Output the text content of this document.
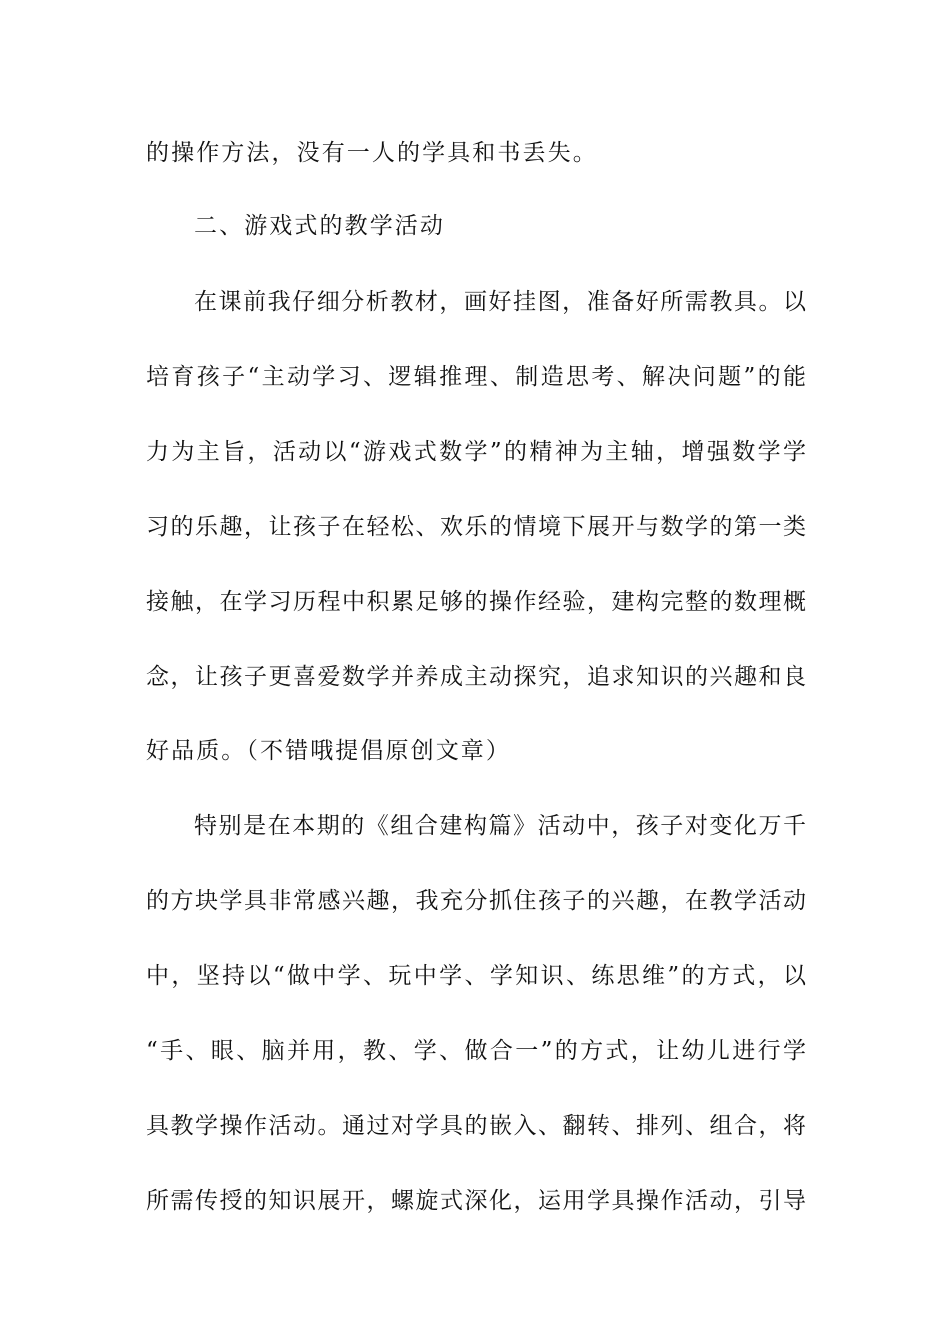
的操作方法，没有一人的学具和书丢失。
二、游戏式的教学活动
在课前我仔细分析教材，画好挂图，准备好所需教具。以
培育孩子“主动学习、逻辑推理、制造思考、解决问题”的能
力为主旨，活动以“游戏式数学”的精神为主轴，增强数学学
习的乐趣，让孩子在轻松、欢乐的情境下展开与数学的第一类
接触，在学习历程中积累足够的操作经验，建构完整的数理概
念，让孩子更喜爱数学并养成主动探究，追求知识的兴趣和良
好品质。（不错哦提倡原创文章）
特别是在本期的《组合建构篇》活动中，孩子对变化万千
的方块学具非常感兴趣，我充分抓住孩子的兴趣，在教学活动
中，坚持以“做中学、玩中学、学知识、练思维”的方式，以
“手、眼、脑并用，教、学、做合一”的方式，让幼儿进行学
具教学操作活动。通过对学具的嵌入、翻转、排列、组合，将
所需传授的知识展开，螺旋式深化，运用学具操作活动，引导
